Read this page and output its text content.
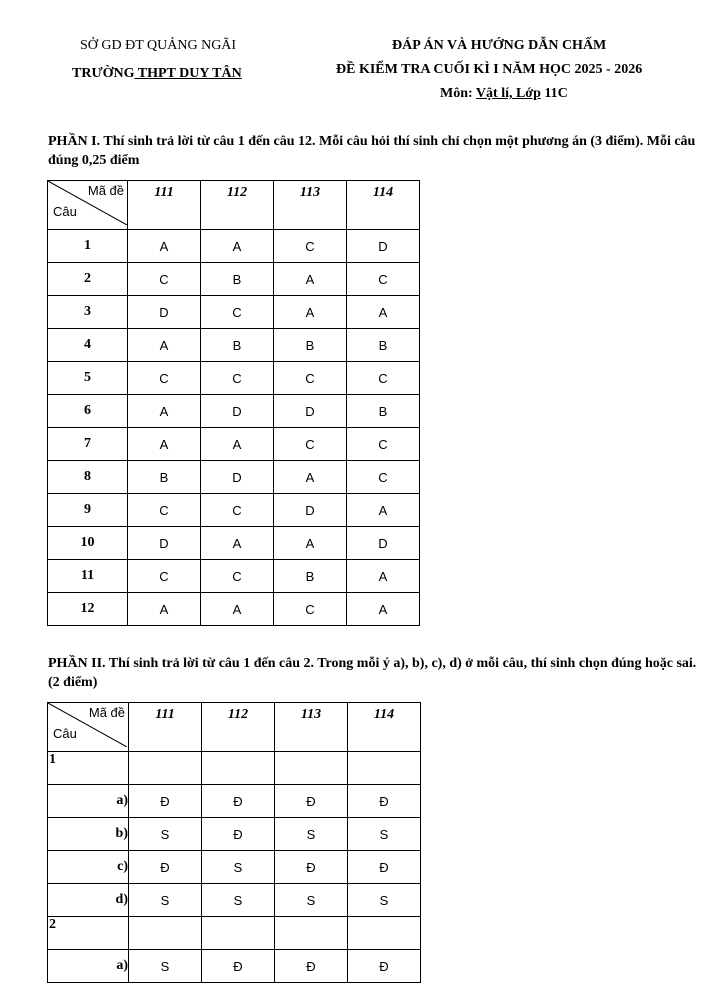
SỞ GD ĐT QUẢNG NGÃI
TRƯỜNG THPT DUY TÂN
ĐÁP ÁN VÀ HƯỚNG DẪN CHẤM
ĐỀ KIỂM TRA CUỐI KÌ I NĂM HỌC 2025 - 2026
Môn: Vật lí, Lớp 11C
PHẦN I. Thí sinh trả lời từ câu 1 đến câu 12. Mỗi câu hỏi thí sinh chỉ chọn một phương án (3 điểm). Mỗi câu đúng 0,25 điểm
Mã đề
Câu	111	112	113	114
1	A	A	C	D
2	C	B	A	C
3	D	C	A	A
4	A	B	B	B
5	C	C	C	C
6	A	D	D	B
7	A	A	C	C
8	B	D	A	C
9	C	C	D	A
10	D	A	A	D
11	C	C	B	A
12	A	A	C	A
PHẦN II. Thí sinh trả lời từ câu 1 đến câu 2. Trong mỗi ý a), b), c), d) ở mỗi câu, thí sinh chọn đúng hoặc sai. (2 điểm)
Mã đề
Câu	111	112	113	114
1				
a)	Đ	Đ	Đ	Đ
b)	S	Đ	S	S
c)	Đ	S	Đ	Đ
d)	S	S	S	S
2				
a)	S	Đ	Đ	Đ
